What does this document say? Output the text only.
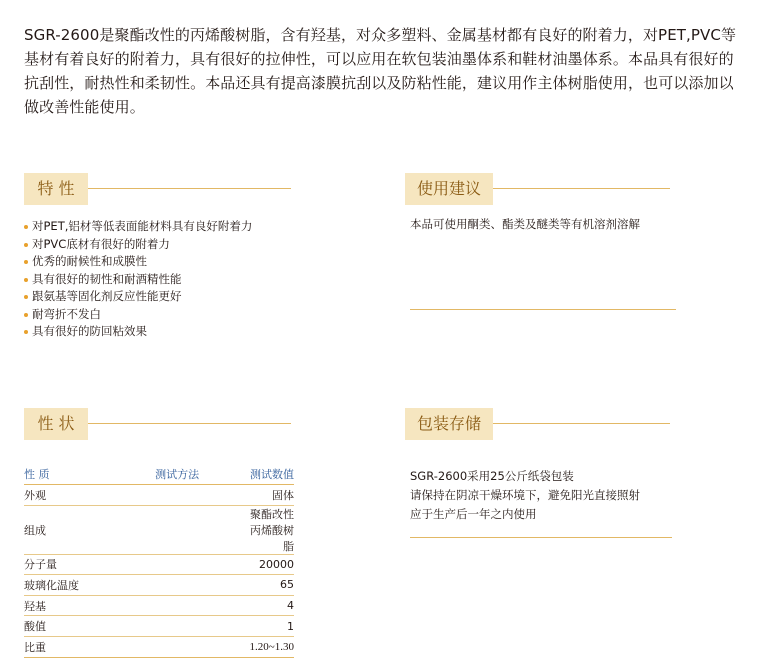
SGR-2600是聚酯改性的丙烯酸树脂，含有羟基，对众多塑料、金属基材都有良好的附着力，对PET,PVC等

基材有着良好的附着力，具有很好的拉伸性，可以应用在软包装油墨体系和鞋材油墨体系。本品具有很好的

抗刮性，耐热性和柔韧性。本品还具有提高漆膜抗刮以及防粘性能，建议用作主体树脂使用，也可以添加以

做改善性能使用。

特 性
对PET,铝材等低表面能材料具有良好附着力
对PVC底材有很好的附着力
优秀的耐候性和成膜性
具有很好的韧性和耐酒精性能
跟氨基等固化剂反应性能更好
耐弯折不发白
具有很好的防回粘效果
使用建议
本品可使用酮类、酯类及醚类等有机溶剂溶解
性 状
性 质	测试方法	测试数值
外观		固体
组成		聚酯改性丙烯酸树脂
分子量		20000
玻璃化温度		65
羟基		4
酸值		1
比重		1.20~1.30
包装存储
SGR-2600采用25公斤纸袋包装
请保持在阴凉干燥环境下，避免阳光直接照射
应于生产后一年之内使用
